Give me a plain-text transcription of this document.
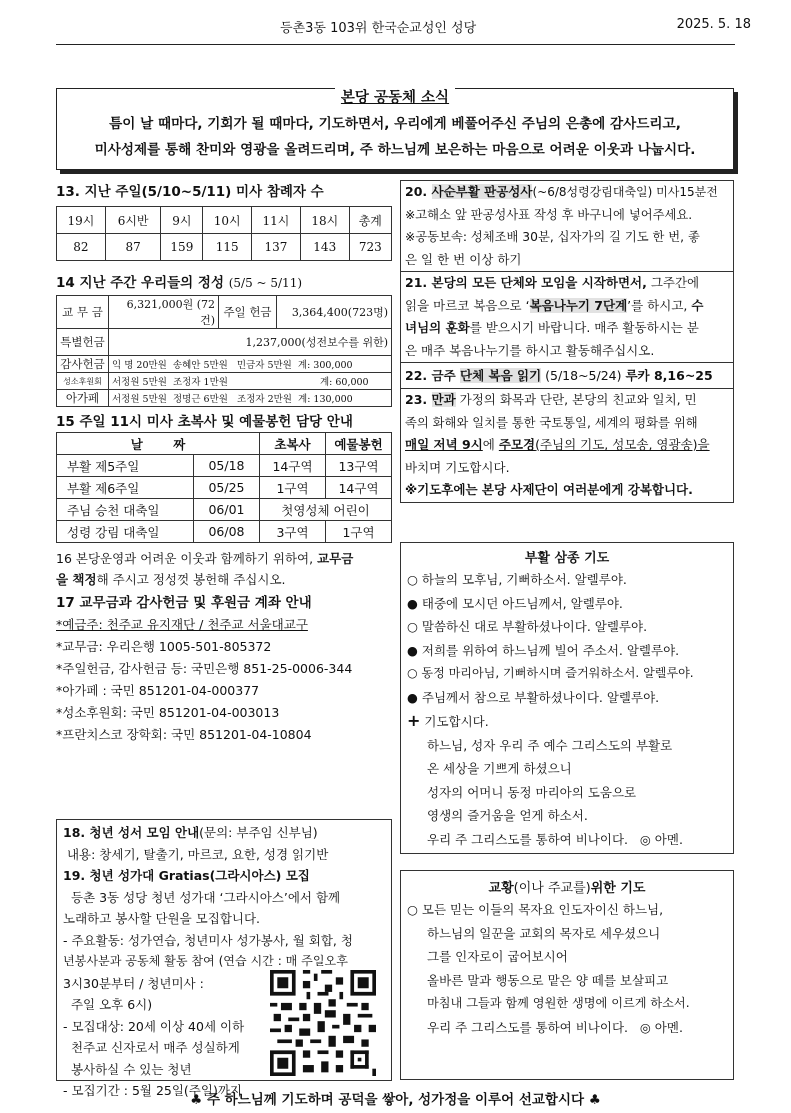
등촌3동 103위 한국순교성인 성당	2025. 5. 18
본당 공동체 소식
틈이 날 때마다, 기회가 될 때마다, 기도하면서, 우리에게 베풀어주신 주님의 은총에 감사드리고,
미사성제를 통해 찬미와 영광을 올려드리며, 주 하느님께 보은하는 마음으로 어려운 이웃과 나눕시다.
13. 지난 주일(5/10~5/11) 미사 참례자 수
19시	6시반	9시	10시	11시	18시	총계
82	87	159	115	137	143	723
14 지난 주간 우리들의 정성 (5/5 ~ 5/11)
교 무 금	6,321,000원 (72건)	주일 헌금	3,364,400(723명)
특별헌금	1,237,000(성전보수를 위한)		
감사헌금	익 명 20만원 송혜안 5만원 민금자 5만원 계: 300,000		
성소후원회	서정원 5만원 조정자 1만원 계: 60,000		
아가페	서정원 5만원 정명근 6만원 조정자 2만원 계: 130,000		
15 주일 11시 미사 초복사 및 예물봉헌 담당 안내
날       짜		초복사	예물봉헌
부활 제5주일	05/18	14구역	13구역
부활 제6주일	05/25	1구역	14구역
주님 승천 대축일	06/01	첫영성체 어린이	
성령 강림 대축일	06/08	3구역	1구역
16 본당운영과 어려운 이웃과 함께하기 위하여, 교무금
을 책정해 주시고 정성껏 봉헌해 주십시오.
17 교무금과 감사헌금 및 후원금 계좌 안내
*예금주: 천주교 유지재단 / 천주교 서울대교구
*교무금: 우리은행 1005-501-805372
*주일헌금, 감사헌금 등: 국민은행 851-25-0006-344
*아가페 : 국민 851201-04-000377
*성소후원회: 국민 851201-04-003013
*프란치스코 장학회: 국민 851201-04-10804
18. 청년 성서 모임 안내(문의: 부주임 신부님)
내용: 창세기, 탈출기, 마르코, 요한, 성경 읽기반
19. 청년 성가대 Gratias(그라시아스) 모집
등촌 3동 성당 청년 성가대 ‘그라시아스’에서 함께
노래하고 봉사할 단원을 모집합니다.
- 주요활동: 성가연습, 청년미사 성가봉사, 월 회합, 청
년봉사분과 공동체 활동 참여 (연습 시간 : 매 주일오후
3시30분부터 / 청년미사 :
주일 오후 6시)
- 모집대상: 20세 이상 40세 이하
천주교 신자로서 매주 성실하게
봉사하실 수 있는 청년
- 모집기간 : 5월 25일(주일)까지
20. 사순부활 판공성사(~6/8성령강림대축일) 미사15분전
※고해소 앞 판공성사표 작성 후 바구니에 넣어주세요.
※공동보속: 성체조배 30분, 십자가의 길 기도 한 번, 좋
은 일 한 번 이상 하기
21. 본당의 모든 단체와 모임을 시작하면서, 그주간에
읽을 마르코 복음으로 ‘복음나누기 7단계’를 하시고, 수
녀님의 훈화를 받으시기 바랍니다. 매주 활동하시는 분
은 매주 복음나누기를 하시고 활동해주십시오.
22. 금주 단체 복음 읽기 (5/18~5/24) 루카 8,16~25
23. 만과 가정의 화목과 단란, 본당의 친교와 일치, 민
족의 화해와 일치를 통한 국토통일, 세계의 평화를 위해
매일 저녁 9시에 주모경(주님의 기도, 성모송, 영광송)을
바치며 기도합시다.
※기도후에는 본당 사제단이 여러분에게 강복합니다.
부활 삼종 기도
○ 하늘의 모후님, 기뻐하소서. 알렐루야.
● 태중에 모시던 아드님께서, 알렐루야.
○ 말씀하신 대로 부활하셨나이다. 알렐루야.
● 저희를 위하여 하느님께 빌어 주소서. 알렐루야.
○ 동정 마리아님, 기뻐하시며 즐거워하소서. 알렐루야.
● 주님께서 참으로 부활하셨나이다. 알렐루야.
+ 기도합시다.
하느님, 성자 우리 주 예수 그리스도의 부활로
온 세상을 기쁘게 하셨으니
성자의 어머니 동정 마리아의 도움으로
영생의 즐거움을 얻게 하소서.
우리 주 그리스도를 통하여 비나이다.   ◎ 아멘.
교황(이나 주교를)위한 기도
○ 모든 믿는 이들의 목자요 인도자이신 하느님,
하느님의 일꾼을 교회의 목자로 세우셨으니
그를 인자로이 굽어보시어
올바른 말과 행동으로 맡은 양 떼를 보살피고
마침내 그들과 함께 영원한 생명에 이르게 하소서.
우리 주 그리스도를 통하여 비나이다.   ◎ 아멘.
♣ 주 하느님께 기도하며 공덕을 쌓아, 성가정을 이루어 선교합시다 ♣
